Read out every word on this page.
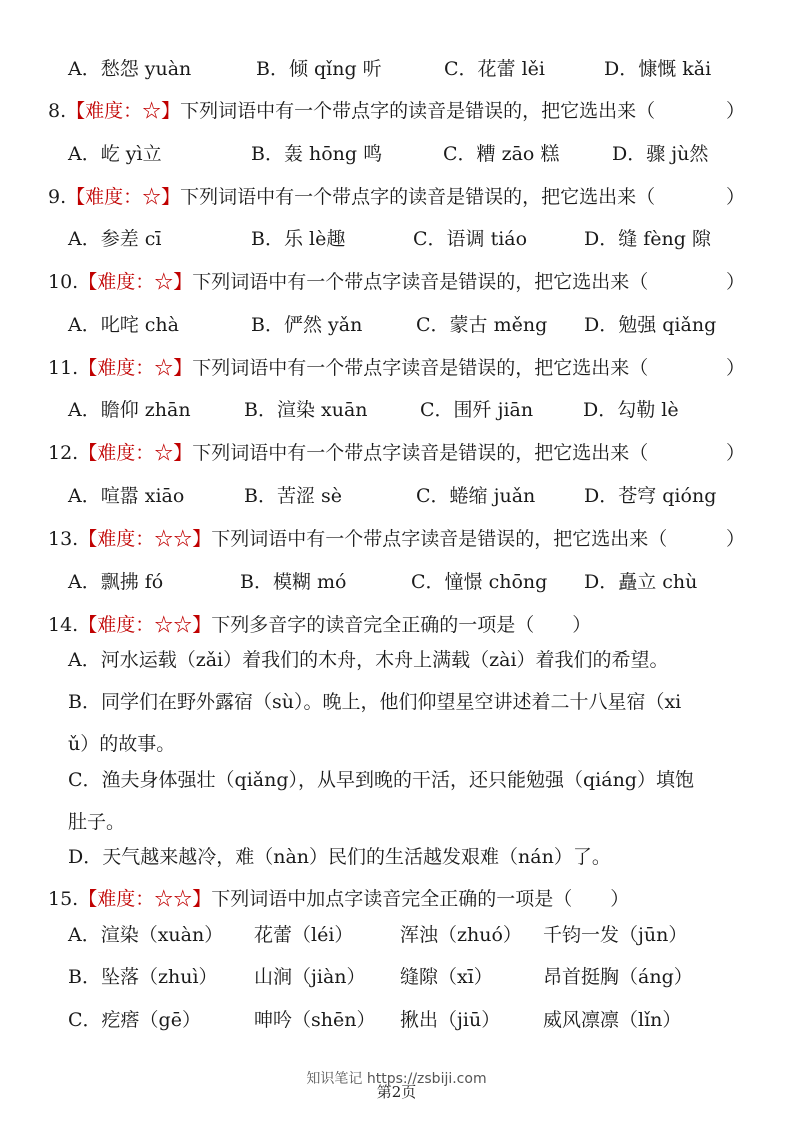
A．愁怨 yuàn	B．倾 qǐng 听	C．花蕾 lěi	D．慷慨 kǎi
8.【难度：☆】下列词语中有一个带点字的读音是错误的，把它选出来（	）
A．屹 yì立	B．轰 hōng 鸣	C．糟 zāo 糕	D．骤 jù然
9.【难度：☆】下列词语中有一个带点字的读音是错误的，把它选出来（	）
A．参差 cī	B．乐 lè趣	C．语调 tiáo	D．缝 fèng 隙
10.【难度：☆】下列词语中有一个带点字读音是错误的，把它选出来（	）
A．叱咤 chà	B．俨然 yǎn	C．蒙古 měng D．勉强 qiǎng
11.【难度：☆】下列词语中有一个带点字读音是错误的，把它选出来（	）
A．瞻仰 zhān	B．渲染 xuān	C．围歼 jiān	D．勾勒 lè
12.【难度：☆】下列词语中有一个带点字读音是错误的，把它选出来（	）
A．喧嚣 xiāo	B．苦涩 sè	C．蜷缩 juǎn	D．苍穹 qióng
13.【难度：☆☆】下列词语中有一个带点字读音是错误的，把它选出来（	）
A．飘拂 fó	B．模糊 mó	C．憧憬 chōng D．矗立 chù
14.【难度：☆☆】下列多音字的读音完全正确的一项是（　　）
A．河水运载（zǎi）着我们的木舟，木舟上满载（zài）着我们的希望。
B．同学们在野外露宿（sù）。晚上，他们仰望星空讲述着二十八星宿（xi
ǔ）的故事。
C．渔夫身体强壮（qiǎng），从早到晚的干活，还只能勉强（qiáng）填饱
肚子。
D．天气越来越冷，难（nàn）民们的生活越发艰难（nán）了。
15.【难度：☆☆】下列词语中加点字读音完全正确的一项是（　　）
A．渲染（xuàn） 花蕾（léi） 浑浊（zhuó） 千钧一发（jūn）
B．坠落（zhuì） 山涧（jiàn） 缝隙（xī）	昂首挺胸（áng）
C．疙瘩（gē）	呻吟（shēn） 揪出（jiū） 威风凛凛（lǐn）
知识笔记 https://zsbiji.com
第2页
